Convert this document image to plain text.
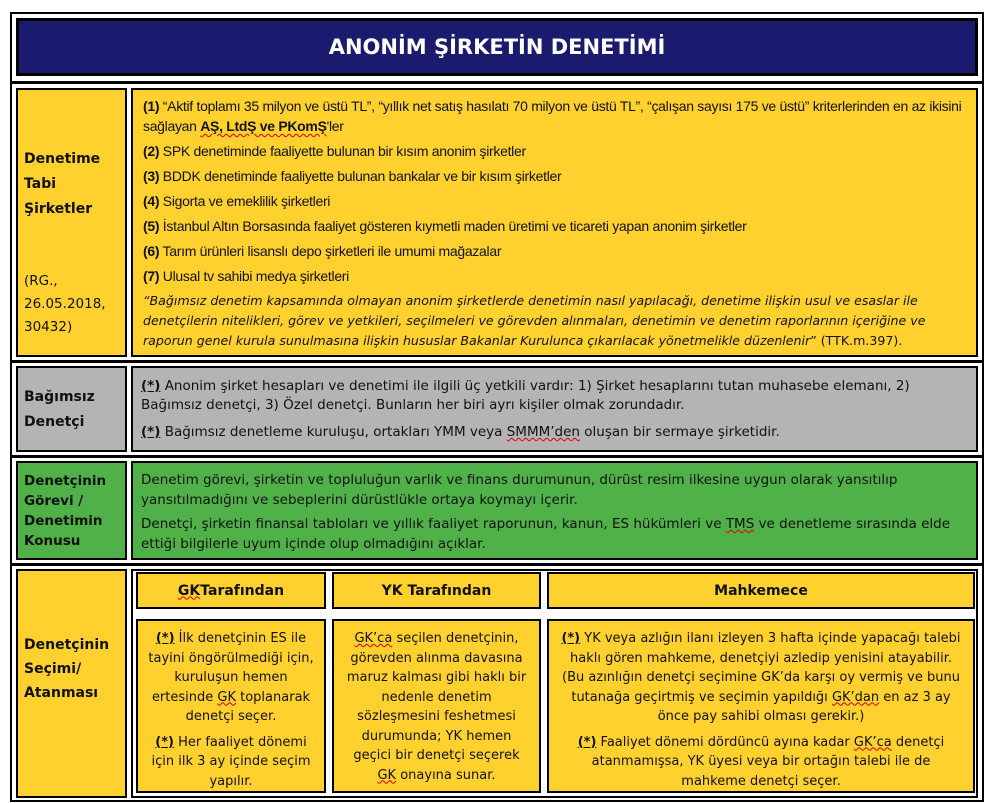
ANONİM ŞİRKETİN DENETİMİ
Denetime
Tabi
Şirketler
(RG.,
26.05.2018,
30432)
(1) “Aktif toplamı 35 milyon ve üstü TL”, “yıllık net satış hasılatı 70 milyon ve üstü TL”, “çalışan sayısı 175 ve üstü” kriterlerinden en az ikisini
sağlayan AŞ, LtdŞ ve PKomŞ'ler
(2) SPK denetiminde faaliyette bulunan bir kısım anonim şirketler
(3) BDDK denetiminde faaliyette bulunan bankalar ve bir kısım şirketler
(4) Sigorta ve emeklilik şirketleri
(5) İstanbul Altın Borsasında faaliyet gösteren kıymetli maden üretimi ve ticareti yapan anonim şirketler
(6) Tarım ürünleri lisanslı depo şirketleri ile umumi mağazalar
(7) Ulusal tv sahibi medya şirketleri
“Bağımsız denetim kapsamında olmayan anonim şirketlerde denetimin nasıl yapılacağı, denetime ilişkin usul ve esaslar ile
denetçilerin nitelikleri, görev ve yetkileri, seçilmeleri ve görevden alınmaları, denetimin ve denetim raporlarının içeriğine ve
raporun genel kurula sunulmasına ilişkin hususlar Bakanlar Kurulunca çıkarılacak yönetmelikle düzenlenir” (TTK.m.397).
Bağımsız
Denetçi
(*) Anonim şirket hesapları ve denetimi ile ilgili üç yetkili vardır: 1) Şirket hesaplarını tutan muhasebe elemanı, 2)
Bağımsız denetçi, 3) Özel denetçi. Bunların her biri ayrı kişiler olmak zorundadır.
(*) Bağımsız denetleme kuruluşu, ortakları YMM veya SMMM’den oluşan bir sermaye şirketidir.
Denetçinin
Görevi /
Denetimin
Konusu
Denetim görevi, şirketin ve topluluğun varlık ve finans durumunun, dürüst resim ilkesine uygun olarak yansıtılıp
yansıtılmadığını ve sebeplerini dürüstlükle ortaya koymayı içerir.
Denetçi, şirketin finansal tabloları ve yıllık faaliyet raporunun, kanun, ES hükümleri ve TMS ve denetleme sırasında elde
ettiği bilgilerle uyum içinde olup olmadığını açıklar.
Denetçinin
Seçimi/
Atanması
GK Tarafından	YK Tarafından	Mahkemece
(*) İlk denetçinin ES ile
tayini öngörülmediği için,
kuruluşun hemen
ertesinde GK toplanarak
denetçi seçer.
(*) Her faaliyet dönemi
için ilk 3 ay içinde seçim
yapılır.
GK’ca seçilen denetçinin,
görevden alınma davasına
maruz kalması gibi haklı bir
nedenle denetim
sözleşmesini feshetmesi
durumunda; YK hemen
geçici bir denetçi seçerek
GK onayına sunar.
(*) YK veya azlığın ilanı izleyen 3 hafta içinde yapacağı talebi
haklı gören mahkeme, denetçiyi azledip yenisini atayabilir.
(Bu azınlığın denetçi seçimine GK’da karşı oy vermiş ve bunu
tutanağa geçirtmiş ve seçimin yapıldığı GK’dan en az 3 ay
önce pay sahibi olması gerekir.)
(*) Faaliyet dönemi dördüncü ayına kadar GK’ca denetçi
atanmamışsa, YK üyesi veya bir ortağın talebi ile de
mahkeme denetçi seçer.
